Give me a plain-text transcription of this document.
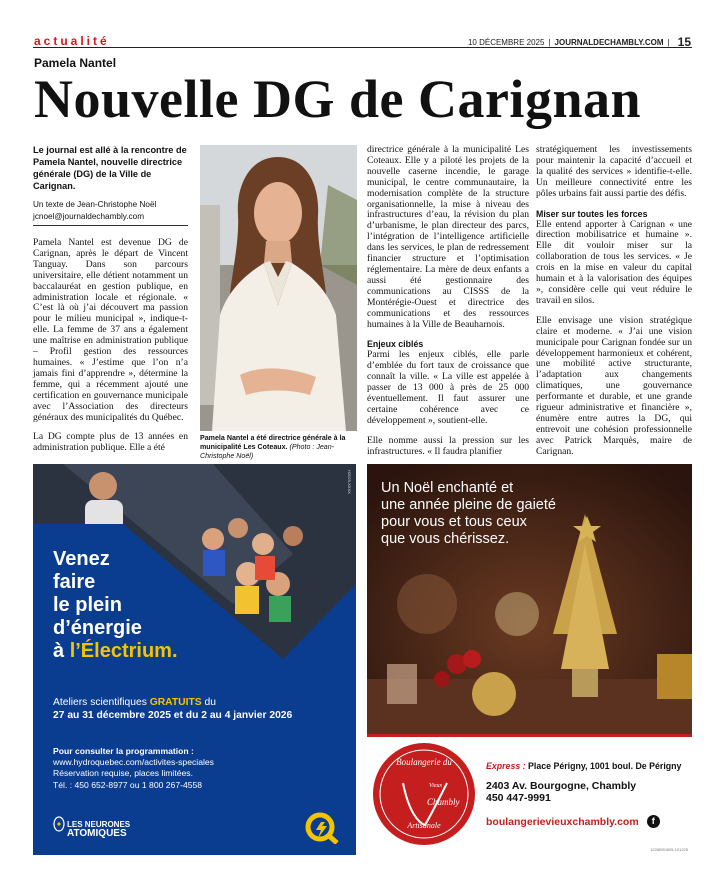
actualité	10 DÉCEMBRE 2025 | JOURNALDECHAMBLY.COM | 15
Pamela Nantel
Nouvelle DG de Carignan
Le journal est allé à la rencontre de Pamela Nantel, nouvelle directrice générale (DG) de la Ville de Carignan.
Un texte de Jean-Christophe Noël
jcnoel@journaldechambly.com

Pamela Nantel est devenue DG de Carignan, après le départ de Vincent Tanguay. Dans son parcours universitaire, elle détient notamment un baccalauréat en gestion publique, en administration locale et régionale. « C’est là où j’ai découvert ma passion pour le milieu municipal », indique-t-elle. La femme de 37 ans a également une maîtrise en administration publique – Profil gestion des ressources humaines. « J’estime que l’on n’a jamais fini d’apprendre », détermine la femme, qui a récemment ajouté une certification en gouvernance municipale avec l’Association des directeurs généraux des municipalités du Québec.

La DG compte plus de 13 années en administration publique. Elle a été

Pamela Nantel a été directrice générale à la municipalité Les Coteaux. (Photo : Jean-Christophe Noël)

directrice générale à la municipalité Les Coteaux. Elle y a piloté les projets de la nouvelle caserne incendie, le garage municipal, le centre communautaire, la modernisation complète de la structure organisationnelle, la mise à niveau des infrastructures d’eau, la révision du plan d’urbanisme, le plan directeur des parcs, l’intégration de l’intelligence artificielle dans les services, le plan de redressement financier structure et l’optimisation réglementaire. La mère de deux enfants a aussi été gestionnaire des communications au CISSS de la Montérégie-Ouest et directrice des communications et des ressources humaines à la Ville de Beauharnois.

Enjeux ciblés

Parmi les enjeux ciblés, elle parle d’emblée du fort taux de croissance que connaît la ville. « La ville est appelée à passer de 13 000 à près de 25 000 éventuellement. Il faut assurer une certaine cohérence avec ce développement », soutient-elle.

Elle nomme aussi la pression sur les infrastructures. « Il faudra planifier

stratégiquement les investissements pour maintenir la capacité d’accueil et la qualité des services » identifie-t-elle. Un meilleure connectivité entre les pôles urbains fait aussi partie des défis.

Miser sur toutes les forces

Elle entend apporter à Carignan « une direction mobilisatrice et humaine ». Elle dit vouloir miser sur la collaboration de tous les services. « Je crois en la mise en valeur du capital humain et à la valorisation des équipes », considère celle qui veut réduire le travail en silos.

Elle envisage une vision stratégique claire et moderne. « J’ai une vision municipale pour Carignan fondée sur un développement harmonieux et cohérent, une mobilité active structurante, l’adaptation aux changements climatiques, une gouvernance performante et durable, et une grande rigueur administrative et financière », énumère entre autres la DG, qui entrevoit une cohésion professionnelle avec Patrick Marquès, maire de Carignan.

H2025-XXXX
Venez
faire
le plein
d’énergie
à l’Électrium.
Ateliers scientifiques GRATUITS du
27 au 31 décembre 2025 et du 2 au 4 janvier 2026
Pour consulter la programmation :
www.hydroquebec.com/activites-speciales
Réservation requise, places limitées.
Tél. : 450 652-8977 ou 1 800 267-4558
LES NEURONES
ATOMIQUES
Un Noël enchanté et
une année pleine de gaieté
pour vous et tous ceux
que vous chérissez.
Boulangerie du
Vieux
Chambly
Artisanale
Express : Place Périgny, 1001 boul. De Périgny
2403 Av. Bourgogne, Chambly
450 447-9991
boulangerievieuxchambly.com	f
1226BS0805-101225
